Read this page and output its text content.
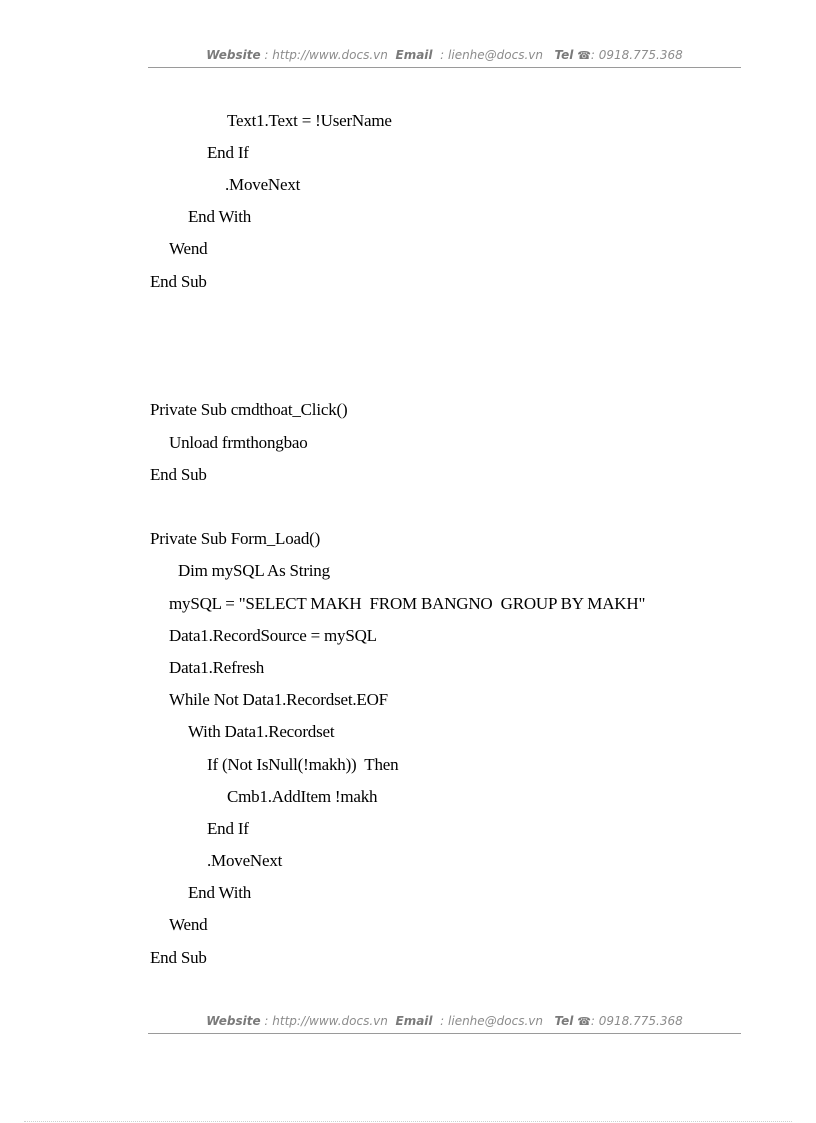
Website : http://www.docs.vn Email : lienhe@docs.vn Tel ☎: 0918.775.368
Text1.Text = !UserName
End If
.MoveNext
End With
Wend
End Sub
Private Sub cmdthoat_Click()
Unload frmthongbao
End Sub
Private Sub Form_Load()
Dim mySQL As String
mySQL = "SELECT MAKH  FROM BANGNO  GROUP BY MAKH"
Data1.RecordSource = mySQL
Data1.Refresh
While Not Data1.Recordset.EOF
With Data1.Recordset
If (Not IsNull(!makh))  Then
Cmb1.AddItem !makh
End If
.MoveNext
End With
Wend
End Sub
Website : http://www.docs.vn Email : lienhe@docs.vn Tel ☎: 0918.775.368
